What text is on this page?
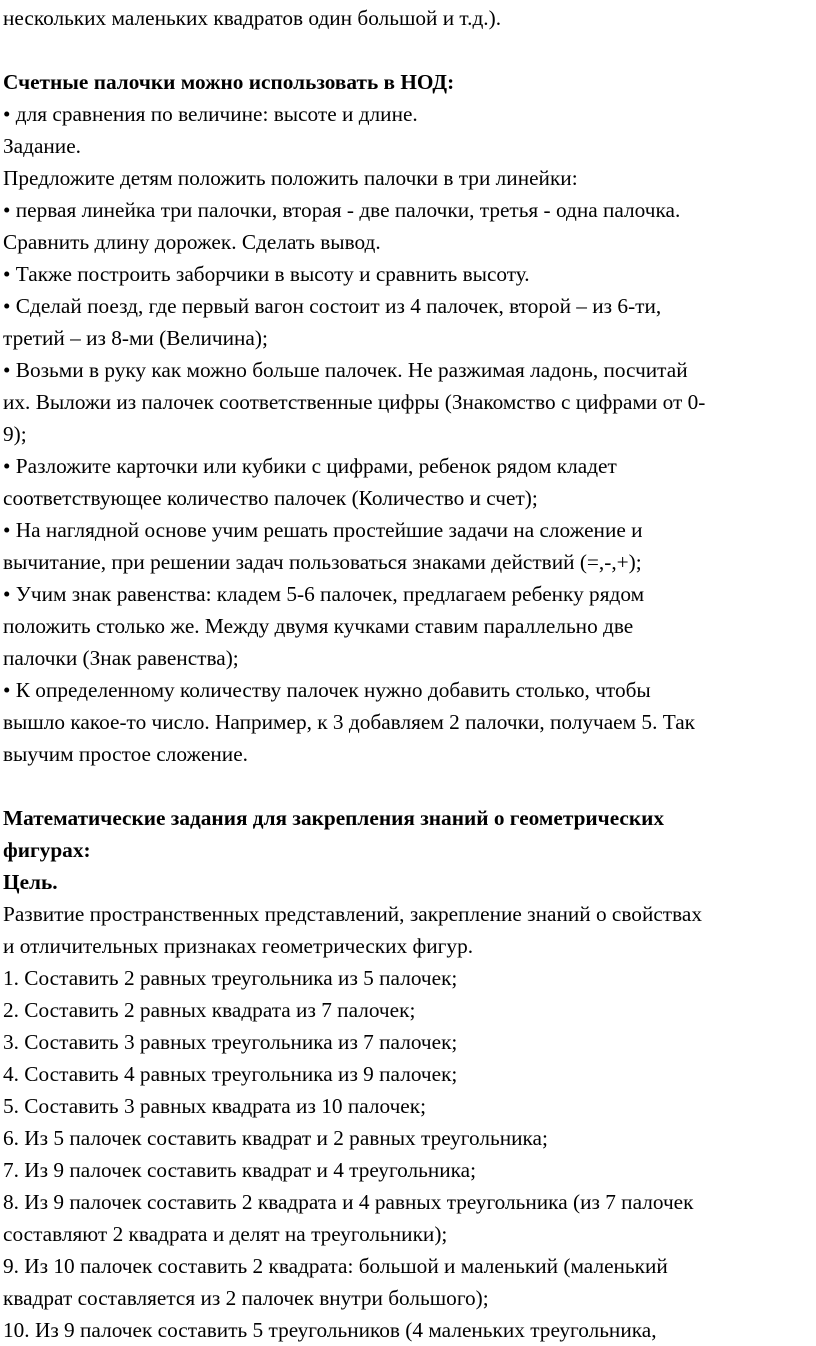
нескольких маленьких квадратов один большой и т.д.).
Счетные палочки можно использовать в НОД:
• для сравнения по величине: высоте и длине.
Задание.
Предложите детям положить положить палочки в три линейки:
• первая линейка три палочки, вторая - две палочки, третья - одна палочка.
Сравнить длину дорожек. Сделать вывод.
• Также построить заборчики в высоту и сравнить высоту.
• Сделай поезд, где первый вагон состоит из 4 палочек, второй – из 6-ти,
третий – из 8-ми (Величина);
• Возьми в руку как можно больше палочек. Не разжимая ладонь, посчитай
их. Выложи из палочек соответственные цифры (Знакомство с цифрами от 0-
9);
• Разложите карточки или кубики с цифрами, ребенок рядом кладет
соответствующее количество палочек (Количество и счет);
• На наглядной основе учим решать простейшие задачи на сложение и
вычитание, при решении задач пользоваться знаками действий (=,-,+);
• Учим знак равенства: кладем 5-6 палочек, предлагаем ребенку рядом
положить столько же. Между двумя кучками ставим параллельно две
палочки (Знак равенства);
• К определенному количеству палочек нужно добавить столько, чтобы
вышло какое-то число. Например, к 3 добавляем 2 палочки, получаем 5. Так
выучим простое сложение.
Математические задания для закрепления знаний о геометрических
фигурах:
Цель.
Развитие пространственных представлений, закрепление знаний о свойствах
и отличительных признаках геометрических фигур.
1. Составить 2 равных треугольника из 5 палочек;
2. Составить 2 равных квадрата из 7 палочек;
3. Составить 3 равных треугольника из 7 палочек;
4. Составить 4 равных треугольника из 9 палочек;
5. Составить 3 равных квадрата из 10 палочек;
6. Из 5 палочек составить квадрат и 2 равных треугольника;
7. Из 9 палочек составить квадрат и 4 треугольника;
8. Из 9 палочек составить 2 квадрата и 4 равных треугольника (из 7 палочек
составляют 2 квадрата и делят на треугольники);
9. Из 10 палочек составить 2 квадрата: большой и маленький (маленький
квадрат составляется из 2 палочек внутри большого);
10. Из 9 палочек составить 5 треугольников (4 маленьких треугольника,
